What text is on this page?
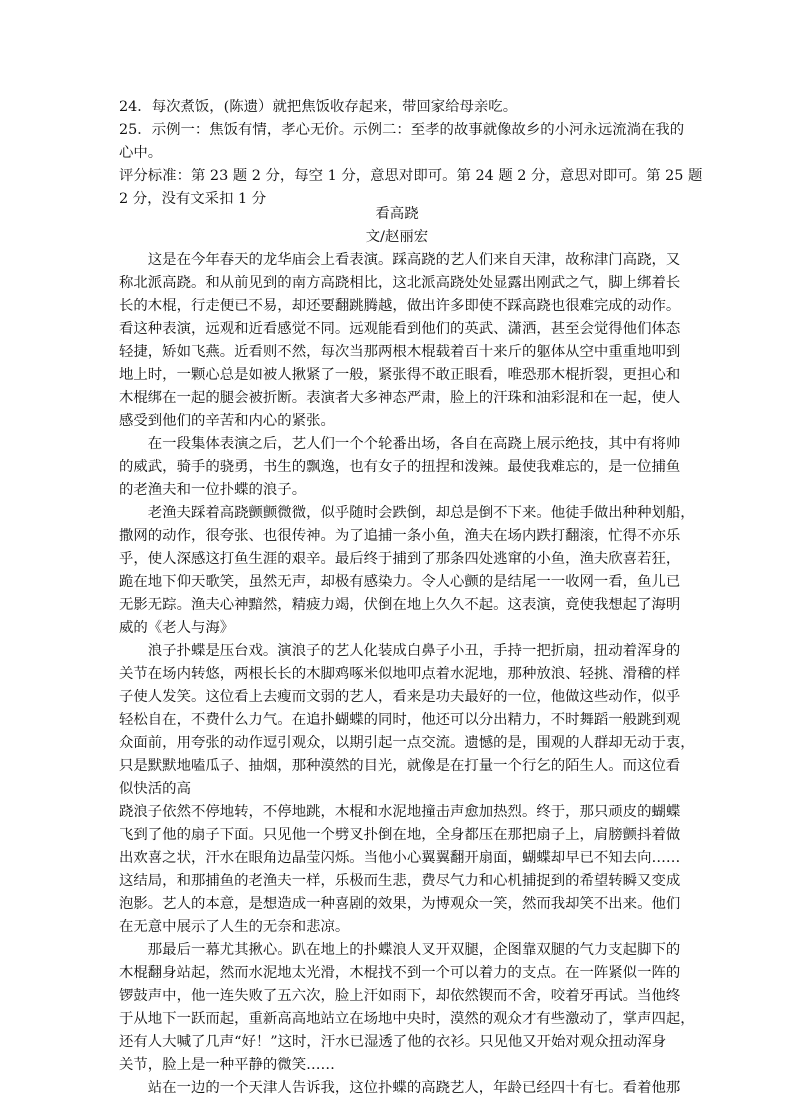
24．每次煮饭，(陈遗）就把焦饭收存起来，带回家给母亲吃。
25．示例一：焦饭有情，孝心无价。示例二：至孝的故事就像故乡的小河永远流淌在我的
心中。
评分标准：第 23 题 2 分，每空 1 分，意思对即可。第 24 题 2 分，意思对即可。第 25 题
2 分，没有文采扣 1 分
看高跷
文/赵丽宏
　　这是在今年春天的龙华庙会上看表演。踩高跷的艺人们来自天津，故称津门高跷，又
称北派高跷。和从前见到的南方高跷相比，这北派高跷处处显露出刚武之气，脚上绑着长
长的木棍，行走便已不易，却还要翻跳腾越，做出许多即使不踩高跷也很难完成的动作。
看这种表演，远观和近看感觉不同。远观能看到他们的英武、潇洒，甚至会觉得他们体态
轻捷，矫如飞燕。近看则不然，每次当那两根木棍载着百十来斤的躯体从空中重重地叩到
地上时，一颗心总是如被人揪紧了一般，紧张得不敢正眼看，唯恐那木棍折裂，更担心和
木棍绑在一起的腿会被折断。表演者大多神态严肃，脸上的汗珠和油彩混和在一起，使人
感受到他们的辛苦和内心的紧张。
　　在一段集体表演之后，艺人们一个个轮番出场，各自在高跷上展示绝技，其中有将帅
的威武，骑手的骁勇，书生的飘逸，也有女子的扭捏和泼辣。最使我难忘的，是一位捕鱼
的老渔夫和一位扑蝶的浪子。
　　老渔夫踩着高跷颤颤微微，似乎随时会跌倒，却总是倒不下来。他徒手做出种种划船，
撒网的动作，很夸张、也很传神。为了追捕一条小鱼，渔夫在场内跌打翻滚，忙得不亦乐
乎，使人深感这打鱼生涯的艰辛。最后终于捕到了那条四处逃窜的小鱼，渔夫欣喜若狂，
跪在地下仰天歌笑，虽然无声，却极有感染力。令人心颤的是结尾一一收网一看，鱼儿已
无影无踪。渔夫心神黯然，精疲力竭，伏倒在地上久久不起。这表演，竟使我想起了海明
威的《老人与海》
　　浪子扑蝶是压台戏。演浪子的艺人化装成白鼻子小丑，手持一把折扇，扭动着浑身的
关节在场内转悠，两根长长的木脚鸡啄米似地叩点着水泥地，那种放浪、轻挑、滑稽的样
子使人发笑。这位看上去瘦而文弱的艺人，看来是功夫最好的一位，他做这些动作，似乎
轻松自在，不费什么力气。在追扑蝴蝶的同时，他还可以分出精力，不时舞蹈一般跳到观
众面前，用夸张的动作逗引观众，以期引起一点交流。遗憾的是，围观的人群却无动于衷，
只是默默地嗑瓜子、抽烟，那种漠然的目光，就像是在打量一个行乞的陌生人。而这位看
似快活的高
跷浪子依然不停地转，不停地跳，木棍和水泥地撞击声愈加热烈。终于，那只顽皮的蝴蝶
飞到了他的扇子下面。只见他一个劈叉扑倒在地，全身都压在那把扇子上，肩膀颤抖着做
出欢喜之状，汗水在眼角边晶莹闪烁。当他小心翼翼翻开扇面，蝴蝶却早已不知去向……
这结局，和那捕鱼的老渔夫一样，乐极而生悲，费尽气力和心机捕捉到的希望转瞬又变成
泡影。艺人的本意，是想造成一种喜剧的效果，为博观众一笑，然而我却笑不出来。他们
在无意中展示了人生的无奈和悲凉。
　　那最后一幕尤其揪心。趴在地上的扑蝶浪人叉开双腿，企图靠双腿的气力支起脚下的
木棍翻身站起，然而水泥地太光滑，木棍找不到一个可以着力的支点。在一阵紧似一阵的
锣鼓声中，他一连失败了五六次，脸上汗如雨下，却依然锲而不舍，咬着牙再试。当他终
于从地下一跃而起，重新高高地站立在场地中央时，漠然的观众才有些激动了，掌声四起，
还有人大喊了几声“好！”这时，汗水已湿透了他的衣衫。只见他又开始对观众扭动浑身
关节，脸上是一种平静的微笑……
　　站在一边的一个天津人告诉我，这位扑蝶的高跷艺人，年龄已经四十有七。看着他那
